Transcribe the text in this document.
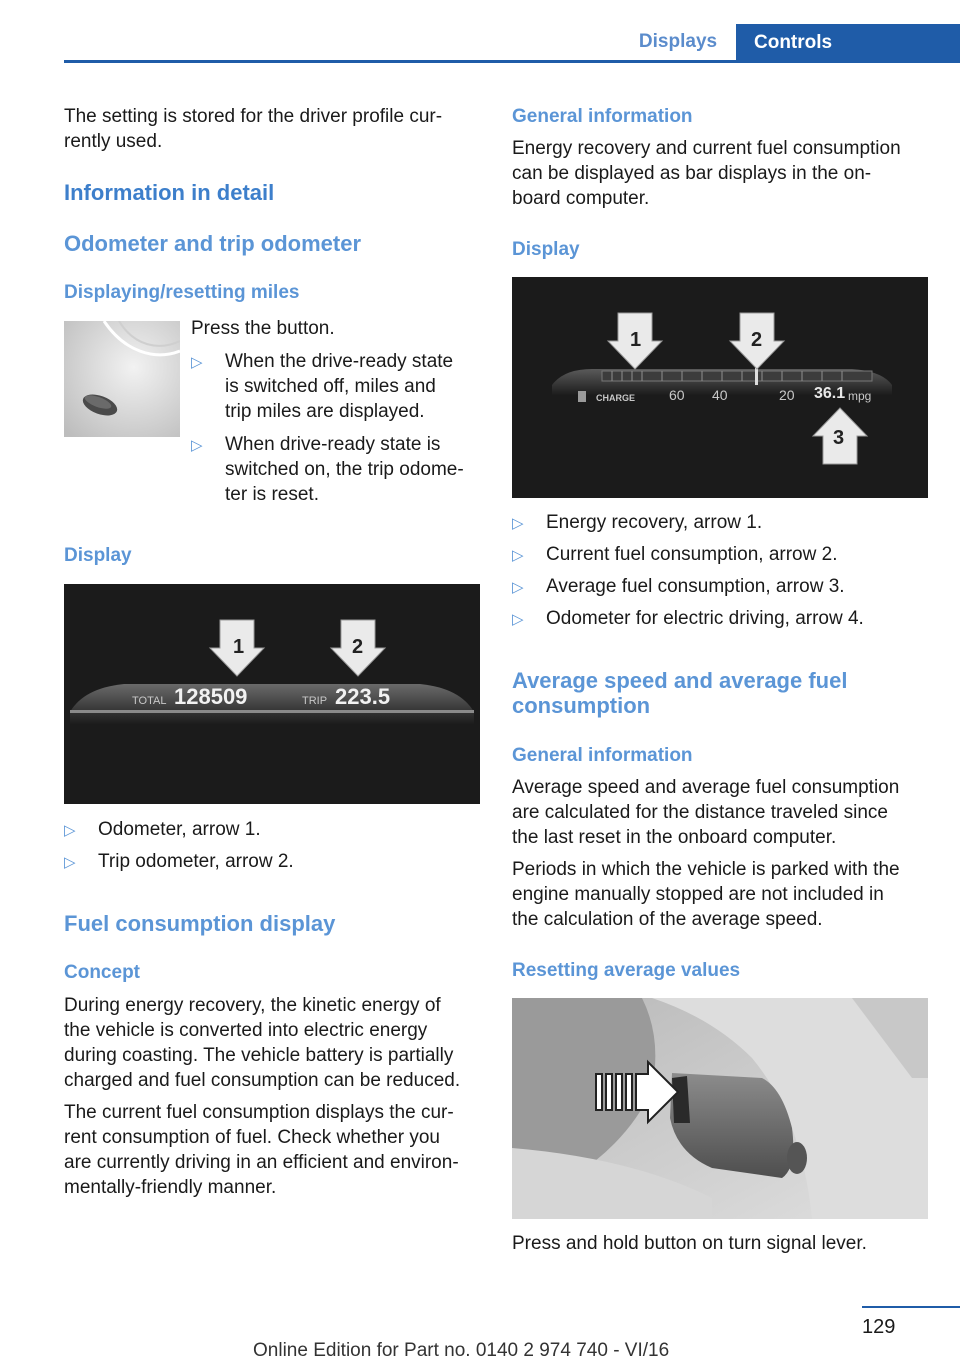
Displays	Controls

The setting is stored for the driver profile cur-

rently used.

Information in detail
Odometer and trip odometer
Displaying/resetting miles

Press the button.

▷	When the drive-ready state
is switched off, miles and
trip miles are displayed.
▷	When drive-ready state is
switched on, the trip odome-
ter is reset.
Display
1	2
TOTAL 128509	TRIP 223.5
▷	Odometer, arrow 1.
▷	Trip odometer, arrow 2.
Fuel consumption display
Concept

During energy recovery, the kinetic energy of

the vehicle is converted into electric energy

during coasting. The vehicle battery is partially

charged and fuel consumption can be reduced.

The current fuel consumption displays the cur-

rent consumption of fuel. Check whether you

are currently driving in an efficient and environ-

mentally-friendly manner.

General information

Energy recovery and current fuel consumption

can be displayed as bar displays in the on-

board computer.

Display
1	2
3
CHARGE 60 40	20 36.1 mpg
▷	Energy recovery, arrow 1.
▷	Current fuel consumption, arrow 2.
▷	Average fuel consumption, arrow 3.
▷	Odometer for electric driving, arrow 4.
Average speed and average fuel
consumption
General information

Average speed and average fuel consumption

are calculated for the distance traveled since

the last reset in the onboard computer.

Periods in which the vehicle is parked with the

engine manually stopped are not included in

the calculation of the average speed.

Resetting average values

Press and hold button on turn signal lever.

129
Online Edition for Part no. 0140 2 974 740 - VI/16
